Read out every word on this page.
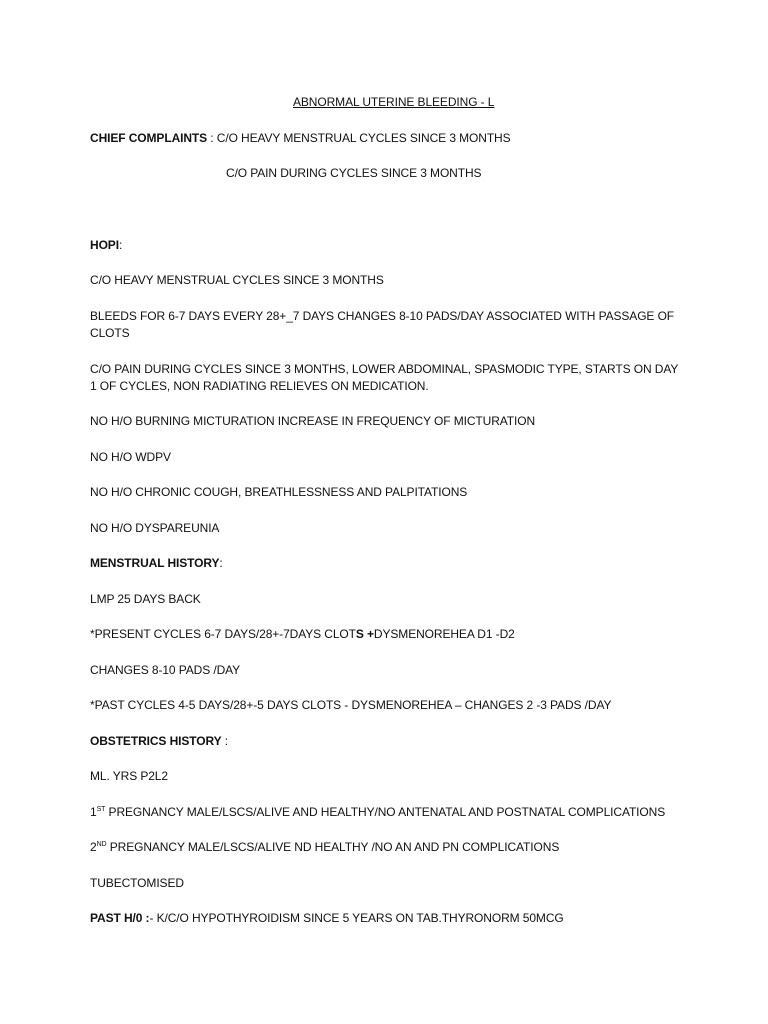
ABNORMAL UTERINE BLEEDING - L
CHIEF COMPLAINTS : C/O HEAVY MENSTRUAL CYCLES SINCE 3 MONTHS
C/O PAIN DURING CYCLES SINCE 3 MONTHS
HOPI:
C/O HEAVY MENSTRUAL CYCLES SINCE 3 MONTHS
BLEEDS FOR 6-7 DAYS EVERY 28+_7 DAYS CHANGES 8-10 PADS/DAY ASSOCIATED WITH PASSAGE OF CLOTS
C/O PAIN DURING CYCLES SINCE 3 MONTHS, LOWER ABDOMINAL, SPASMODIC TYPE, STARTS ON DAY 1 OF CYCLES, NON RADIATING RELIEVES ON MEDICATION.
NO H/O BURNING MICTURATION INCREASE IN FREQUENCY OF MICTURATION
NO H/O WDPV
NO H/O CHRONIC COUGH, BREATHLESSNESS AND PALPITATIONS
NO H/O DYSPAREUNIA
MENSTRUAL HISTORY:
LMP 25 DAYS BACK
*PRESENT CYCLES 6-7 DAYS/28+-7DAYS CLOTS +DYSMENOREHEA D1 -D2
CHANGES 8-10 PADS /DAY
*PAST CYCLES 4-5 DAYS/28+-5 DAYS CLOTS - DYSMENOREHEA – CHANGES 2 -3 PADS /DAY
OBSTETRICS HISTORY :
ML. YRS P2L2
1ST PREGNANCY MALE/LSCS/ALIVE AND HEALTHY/NO ANTENATAL AND POSTNATAL COMPLICATIONS
2ND PREGNANCY MALE/LSCS/ALIVE ND HEALTHY /NO AN AND PN COMPLICATIONS
TUBECTOMISED
PAST H/0 :- K/C/O HYPOTHYROIDISM SINCE 5 YEARS ON TAB.THYRONORM 50MCG
